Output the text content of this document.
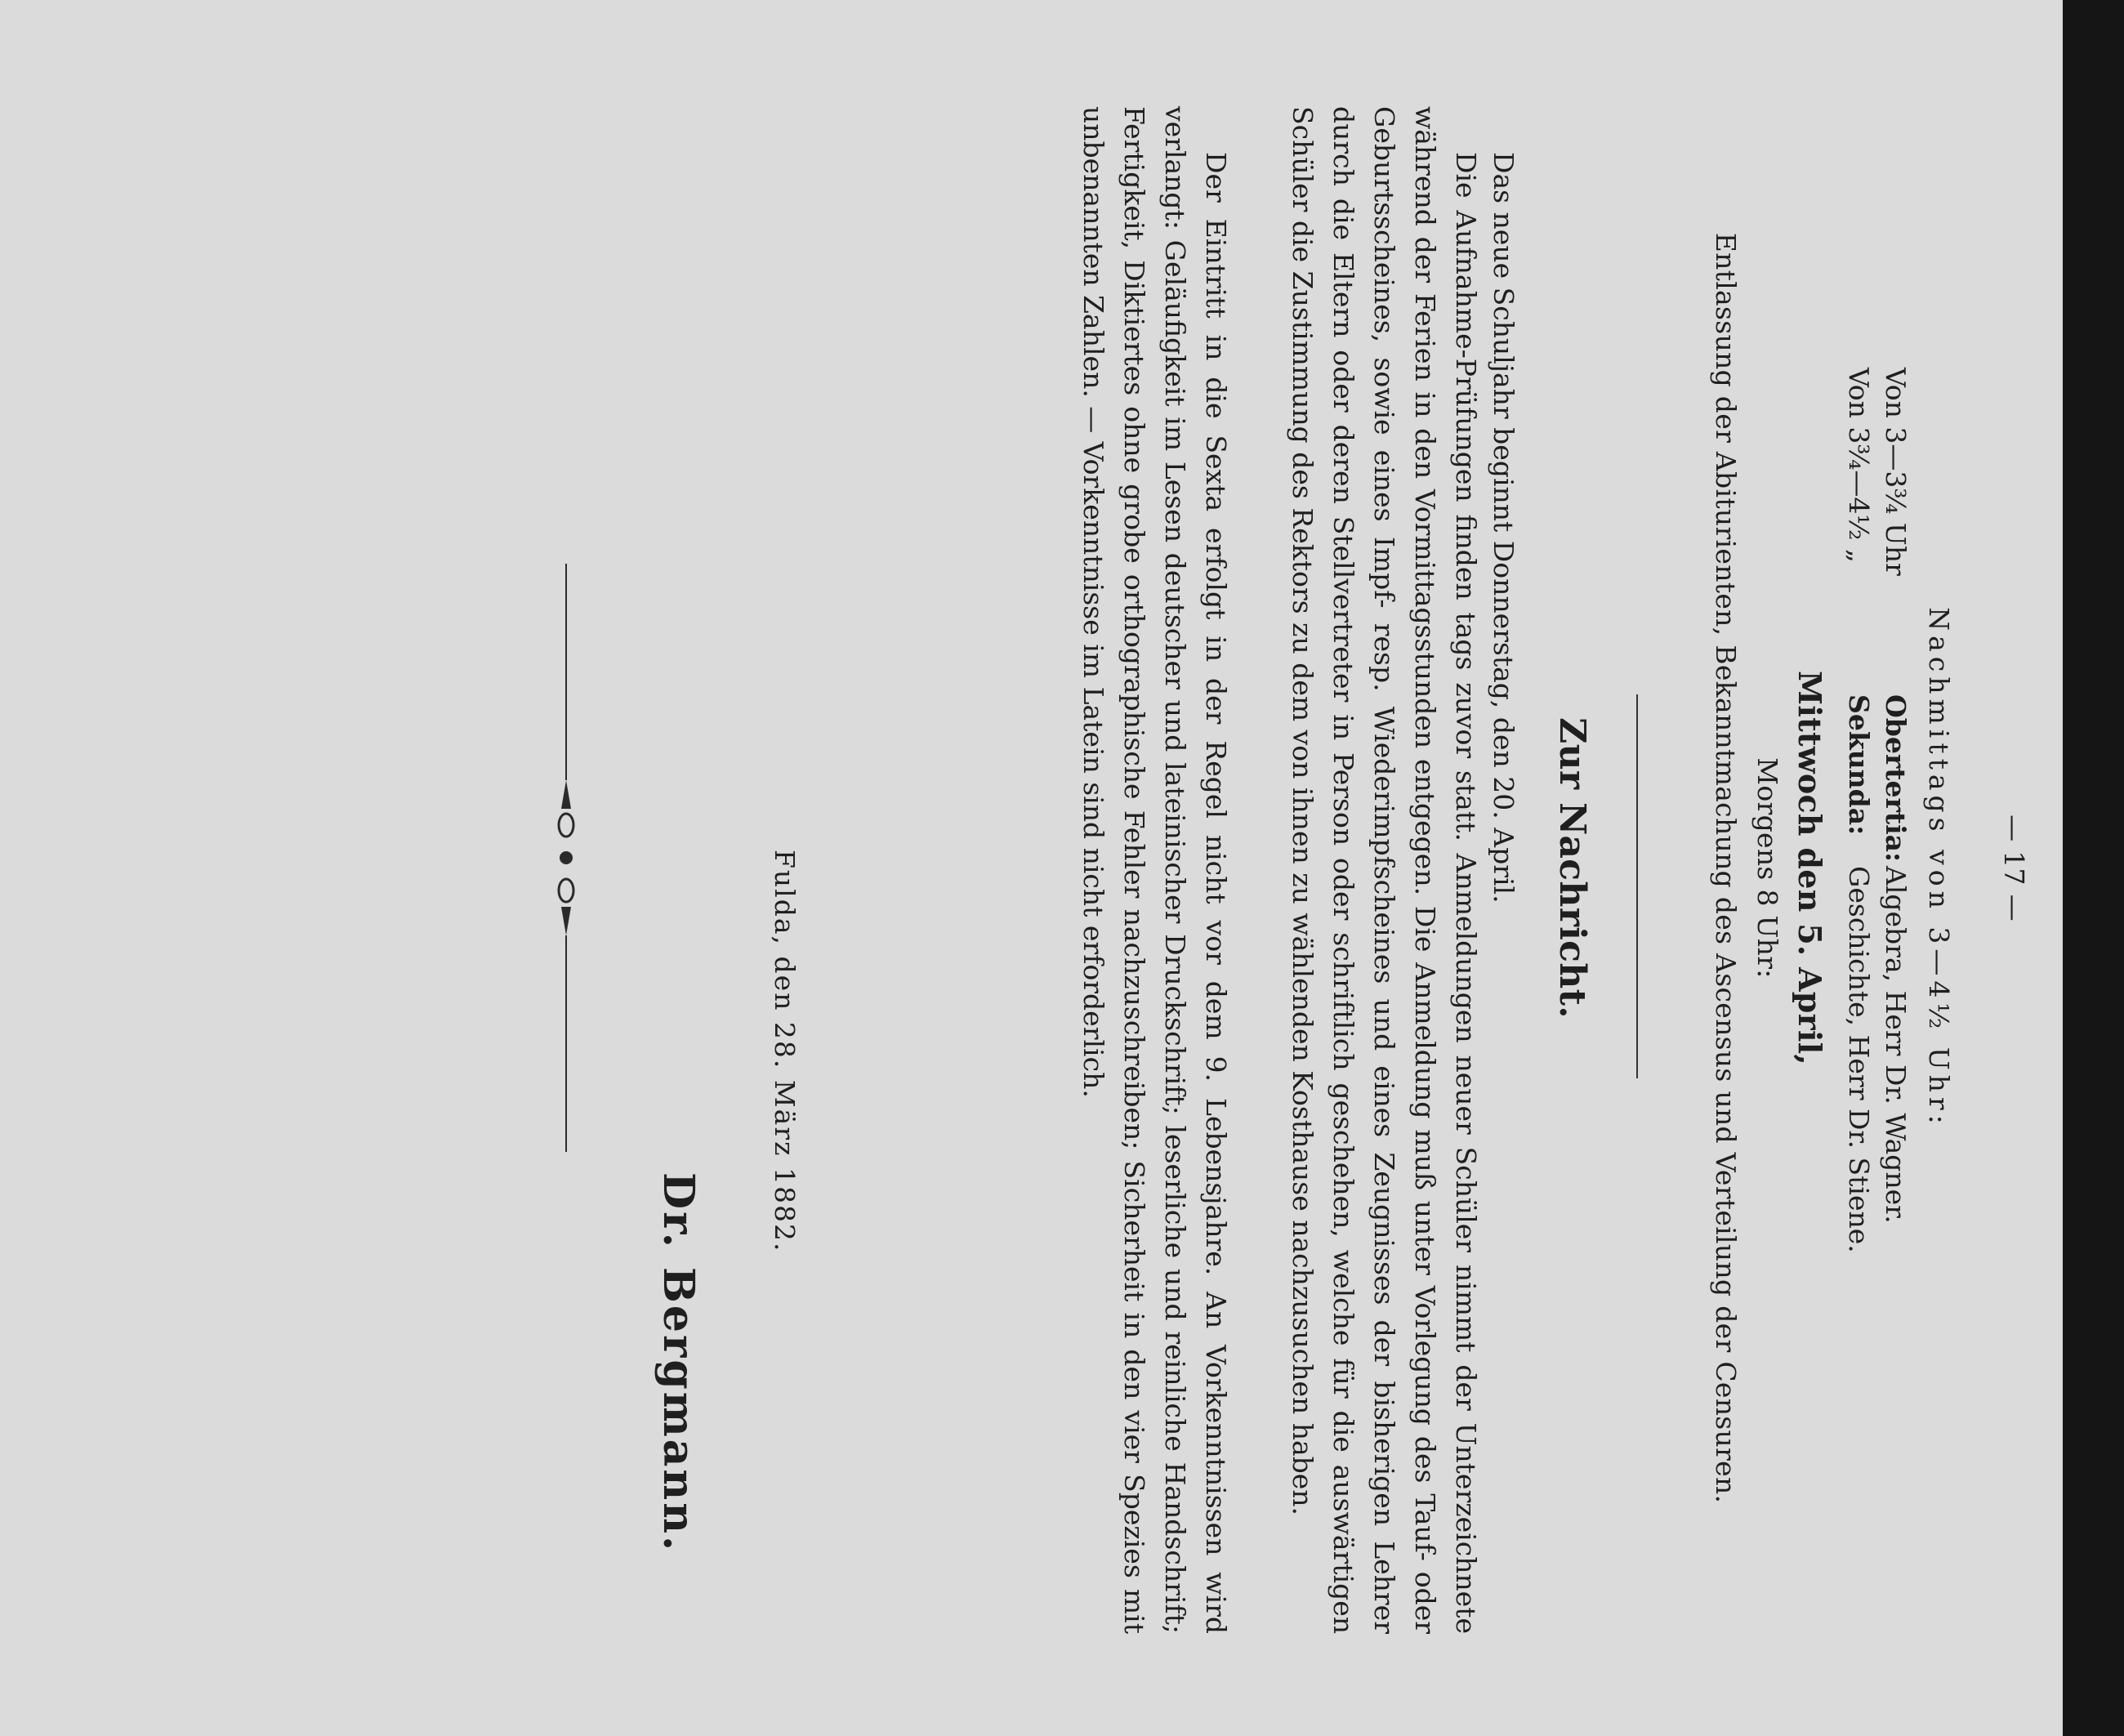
— 17 —
Nachmittags von 3—4½ Uhr:
Von 3—3¾ Uhr
Obertertia:
Algebra, Herr Dr. Wagner.
Von 3¾—4½ „
Sekunda:
Geschichte, Herr Dr. Stiene.
Mittwoch den 5. April,
Morgens 8 Uhr:
Entlassung der Abiturienten, Bekanntmachung des Ascensus und Verteilung der Censuren.
Zur Nachricht.
Das neue Schuljahr beginnt Donnerstag, den 20. April.
Die Aufnahme-Prüfungen finden tags zuvor statt. Anmeldungen neuer Schüler nimmt der Unterzeichnete während der Ferien in den Vormittagsstunden entgegen. Die Anmeldung muß unter Vorlegung des Tauf- oder Geburtsscheines, sowie eines Impf- resp. Wiederimpfscheines und eines Zeugnisses der bisherigen Lehrer durch die Eltern oder deren Stellvertreter in Person oder schriftlich geschehen, welche für die auswärtigen Schüler die Zustimmung des Rektors zu dem von ihnen zu wählenden Kosthause nachzusuchen haben.
Der Eintritt in die Sexta erfolgt in der Regel nicht vor dem 9. Lebensjahre. An Vorkenntnissen wird verlangt: Geläufigkeit im Lesen deutscher und lateinischer Druckschrift; leserliche und reinliche Handschrift; Fertigkeit, Diktiertes ohne grobe orthographische Fehler nachzuschreiben; Sicherheit in den vier Spezies mit unbenannten Zahlen. — Vorkenntnisse im Latein sind nicht erforderlich.
Fulda, den 28. März 1882.
Dr. Bergmann.
